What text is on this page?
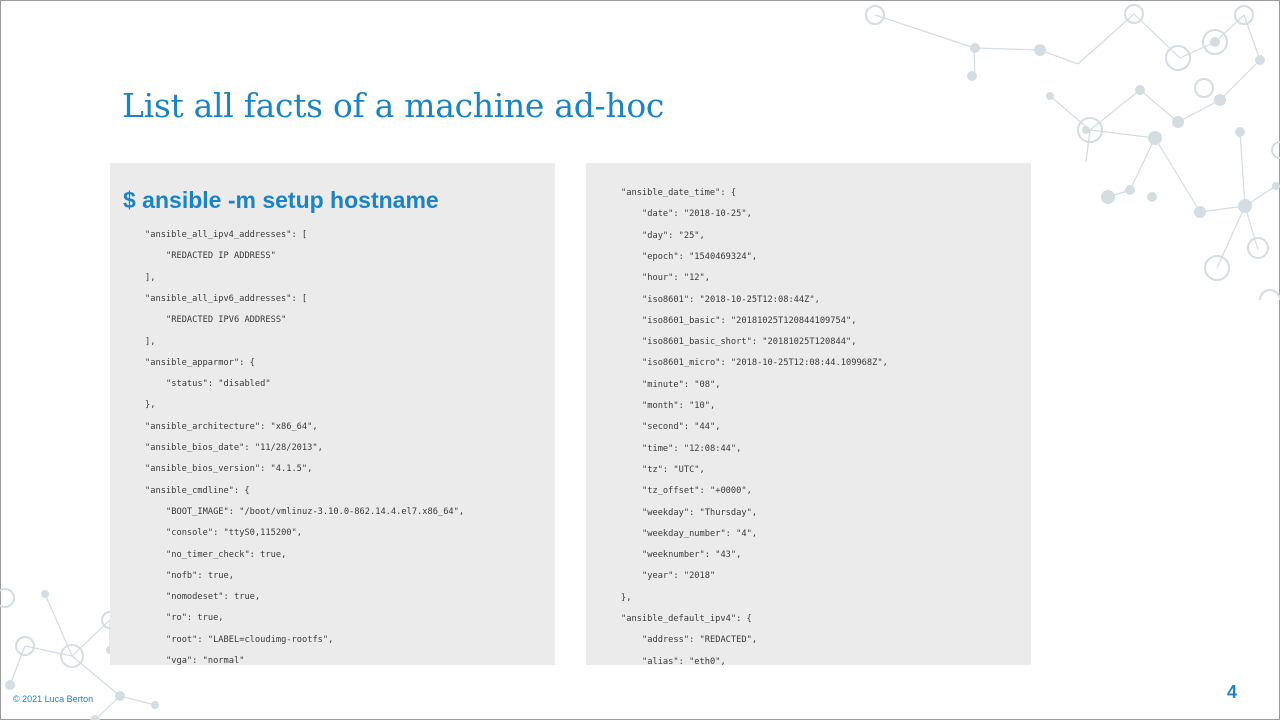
List all facts of a machine ad-hoc

$ ansible -m setup hostname

"ansible_all_ipv4_addresses": [
"REDACTED IP ADDRESS"
],
"ansible_all_ipv6_addresses": [
"REDACTED IPV6 ADDRESS"
],
"ansible_apparmor": {
"status": "disabled"
},
"ansible_architecture": "x86_64",
"ansible_bios_date": "11/28/2013",
"ansible_bios_version": "4.1.5",
"ansible_cmdline": {
"BOOT_IMAGE": "/boot/vmlinuz-3.10.0-862.14.4.el7.x86_64",
"console": "ttyS0,115200",
"no_timer_check": true,
"nofb": true,
"nomodeset": true,
"ro": true,
"root": "LABEL=cloudimg-rootfs",
"vga": "normal"
"ansible_date_time": {
"date": "2018-10-25",
"day": "25",
"epoch": "1540469324",
"hour": "12",
"iso8601": "2018-10-25T12:08:44Z",
"iso8601_basic": "20181025T120844109754",
"iso8601_basic_short": "20181025T120844",
"iso8601_micro": "2018-10-25T12:08:44.109968Z",
"minute": "08",
"month": "10",
"second": "44",
"time": "12:08:44",
"tz": "UTC",
"tz_offset": "+0000",
"weekday": "Thursday",
"weekday_number": "4",
"weeknumber": "43",
"year": "2018"
},
"ansible_default_ipv4": {
"address": "REDACTED",
"alias": "eth0",
© 2021 Luca Berton	4
